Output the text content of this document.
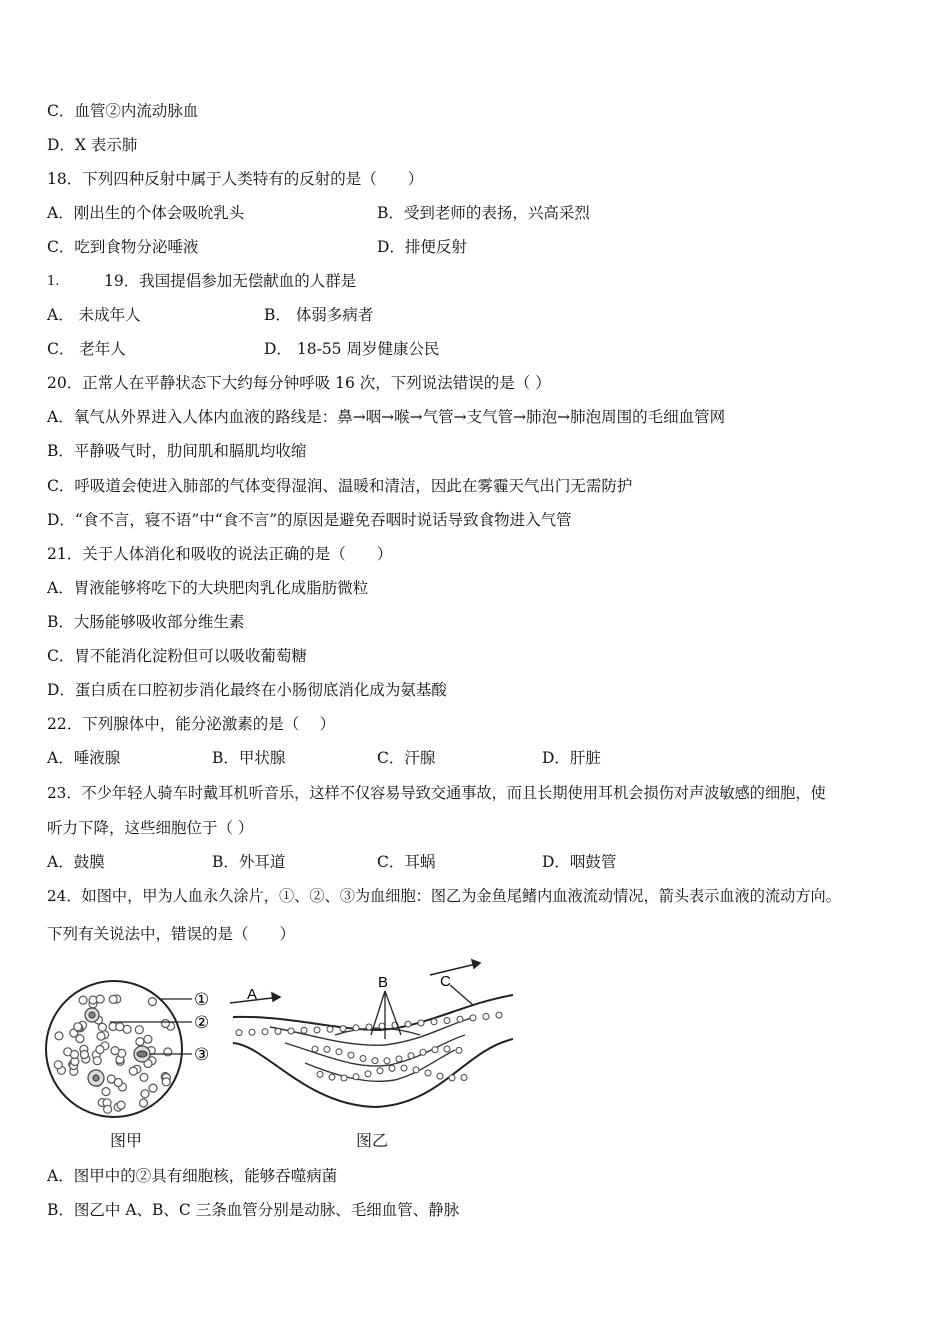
C．血管②内流动脉血
D．X 表示肺
18．下列四种反射中属于人类特有的反射的是（　　）
A．刚出生的个体会吸吮乳头	B．受到老师的表扬，兴高采烈
C．吃到食物分泌唾液	D．排便反射
1.	19．我国提倡参加无偿献血的人群是
A． 未成年人	B． 体弱多病者
C． 老年人	D． 18-55 周岁健康公民
20．正常人在平静状态下大约每分钟呼吸 16 次，下列说法错误的是（ ）
A．氧气从外界进入人体内血液的路线是：鼻→咽→喉→气管→支气管→肺泡→肺泡周围的毛细血管网
B．平静吸气时，肋间肌和膈肌均收缩
C．呼吸道会使进入肺部的气体变得湿润、温暖和清洁，因此在雾霾天气出门无需防护
D．“食不言，寝不语”中“食不言”的原因是避免吞咽时说话导致食物进入气管
21．关于人体消化和吸收的说法正确的是（　　）
A．胃液能够将吃下的大块肥肉乳化成脂肪微粒
B．大肠能够吸收部分维生素
C．胃不能消化淀粉但可以吸收葡萄糖
D．蛋白质在口腔初步消化最终在小肠彻底消化成为氨基酸
22．下列腺体中，能分泌激素的是（　 ）
A．唾液腺	B．甲状腺	C．汗腺	D．肝脏
23．不少年轻人骑车时戴耳机听音乐，这样不仅容易导致交通事故，而且长期使用耳机会损伤对声波敏感的细胞，使
听力下降，这些细胞位于（ ）
A．鼓膜	B．外耳道	C．耳蜗	D．咽鼓管
24．如图中，甲为人血永久涂片，①、②、③为血细胞：图乙为金鱼尾鳍内血液流动情况，箭头表示血液的流动方向。
下列有关说法中，错误的是（　　）
①
②
③
图甲
A
B	C
图乙
A．图甲中的②具有细胞核，能够吞噬病菌
B．图乙中 A、B、C 三条血管分别是动脉、毛细血管、静脉
